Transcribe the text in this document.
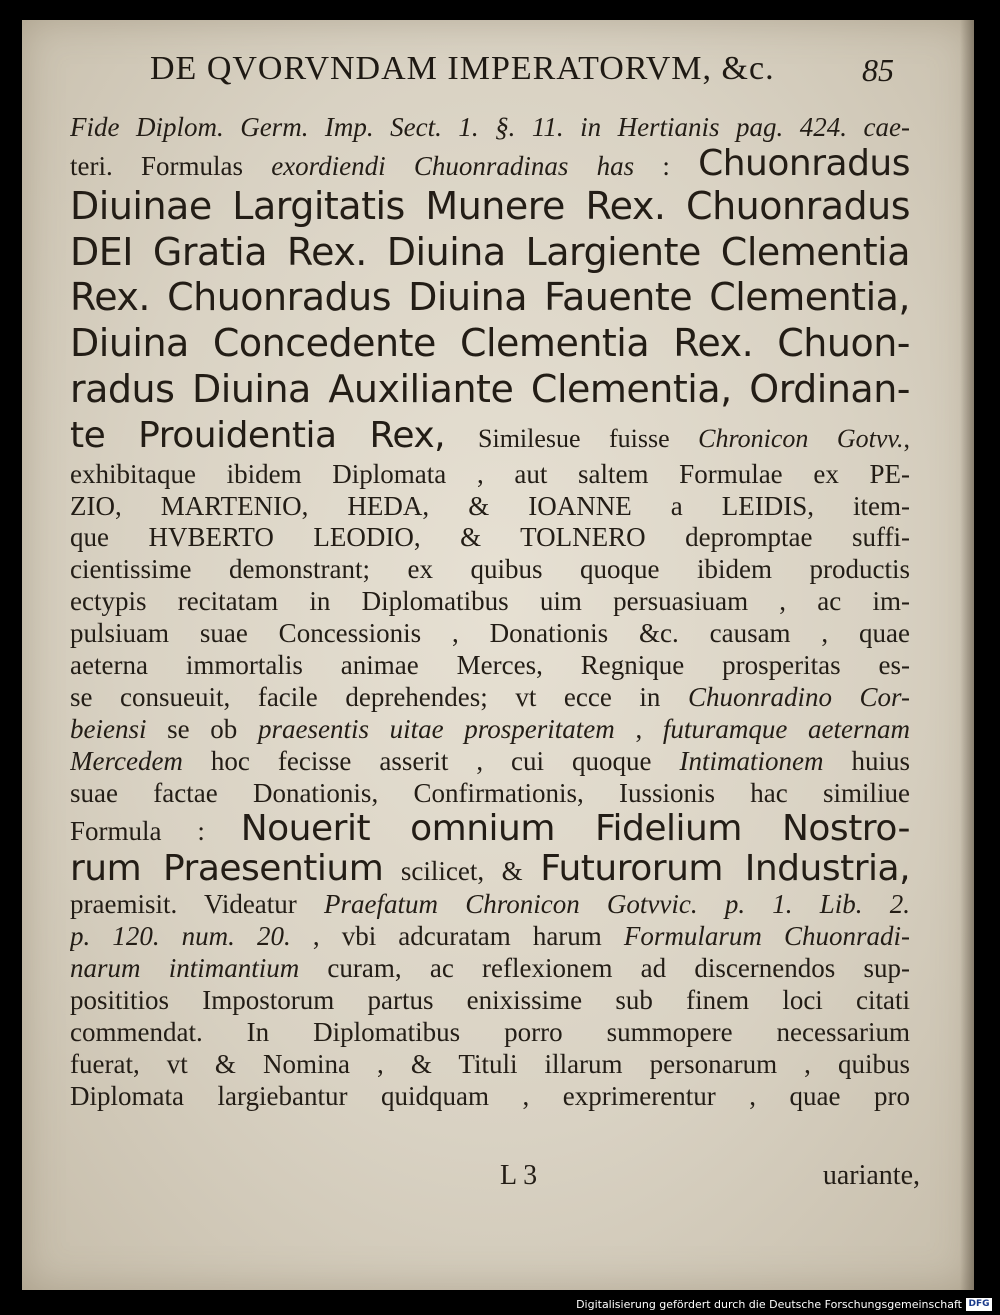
DE QVORVNDAM IMPERATORVM, &c.	85
Fide Diplom. Germ. Imp. Sect. 1. §. 11. in Hertianis pag. 424. cae-
teri. Formulas exordiendi Chuonradinas has : Chuonradus
Diuinae Largitatis Munere Rex. Chuonradus
DEI Gratia Rex. Diuina Largiente Clementia
Rex. Chuonradus Diuina Fauente Clementia,
Diuina Concedente Clementia Rex. Chuon-
radus Diuina Auxiliante Clementia, Ordinan-
te Prouidentia Rex, Similesue fuisse Chronicon Gotvv.,
exhibitaque ibidem Diplomata , aut saltem Formulae ex PE-
ZIO, MARTENIO, HEDA, & IOANNE a LEIDIS, item-
que HVBERTO LEODIO, & TOLNERO depromptae suffi-
cientissime demonstrant; ex quibus quoque ibidem productis
ectypis recitatam in Diplomatibus uim persuasiuam , ac im-
pulsiuam suae Concessionis , Donationis &c. causam , quae
aeterna immortalis animae Merces, Regnique prosperitas es-
se consueuit, facile deprehendes; vt ecce in Chuonradino Cor-
beiensi se ob praesentis uitae prosperitatem , futuramque aeternam
Mercedem hoc fecisse asserit , cui quoque Intimationem huius
suae factae Donationis, Confirmationis, Iussionis hac similiue
Formula : Nouerit omnium Fidelium Nostro-
rum Praesentium scilicet, & Futurorum Industria,
praemisit. Videatur Praefatum Chronicon Gotvvic. p. 1. Lib. 2.
p. 120. num. 20. , vbi adcuratam harum Formularum Chuonradi-
narum intimantium curam, ac reflexionem ad discernendos sup-
posititios Impostorum partus enixissime sub finem loci citati
commendat. In Diplomatibus porro summopere necessarium
fuerat, vt & Nomina , & Tituli illarum personarum , quibus
Diplomata largiebantur quidquam , exprimerentur , quae pro
L 3	uariante,
Digitalisierung gefördert durch die Deutsche Forschungsgemeinschaft DFG
